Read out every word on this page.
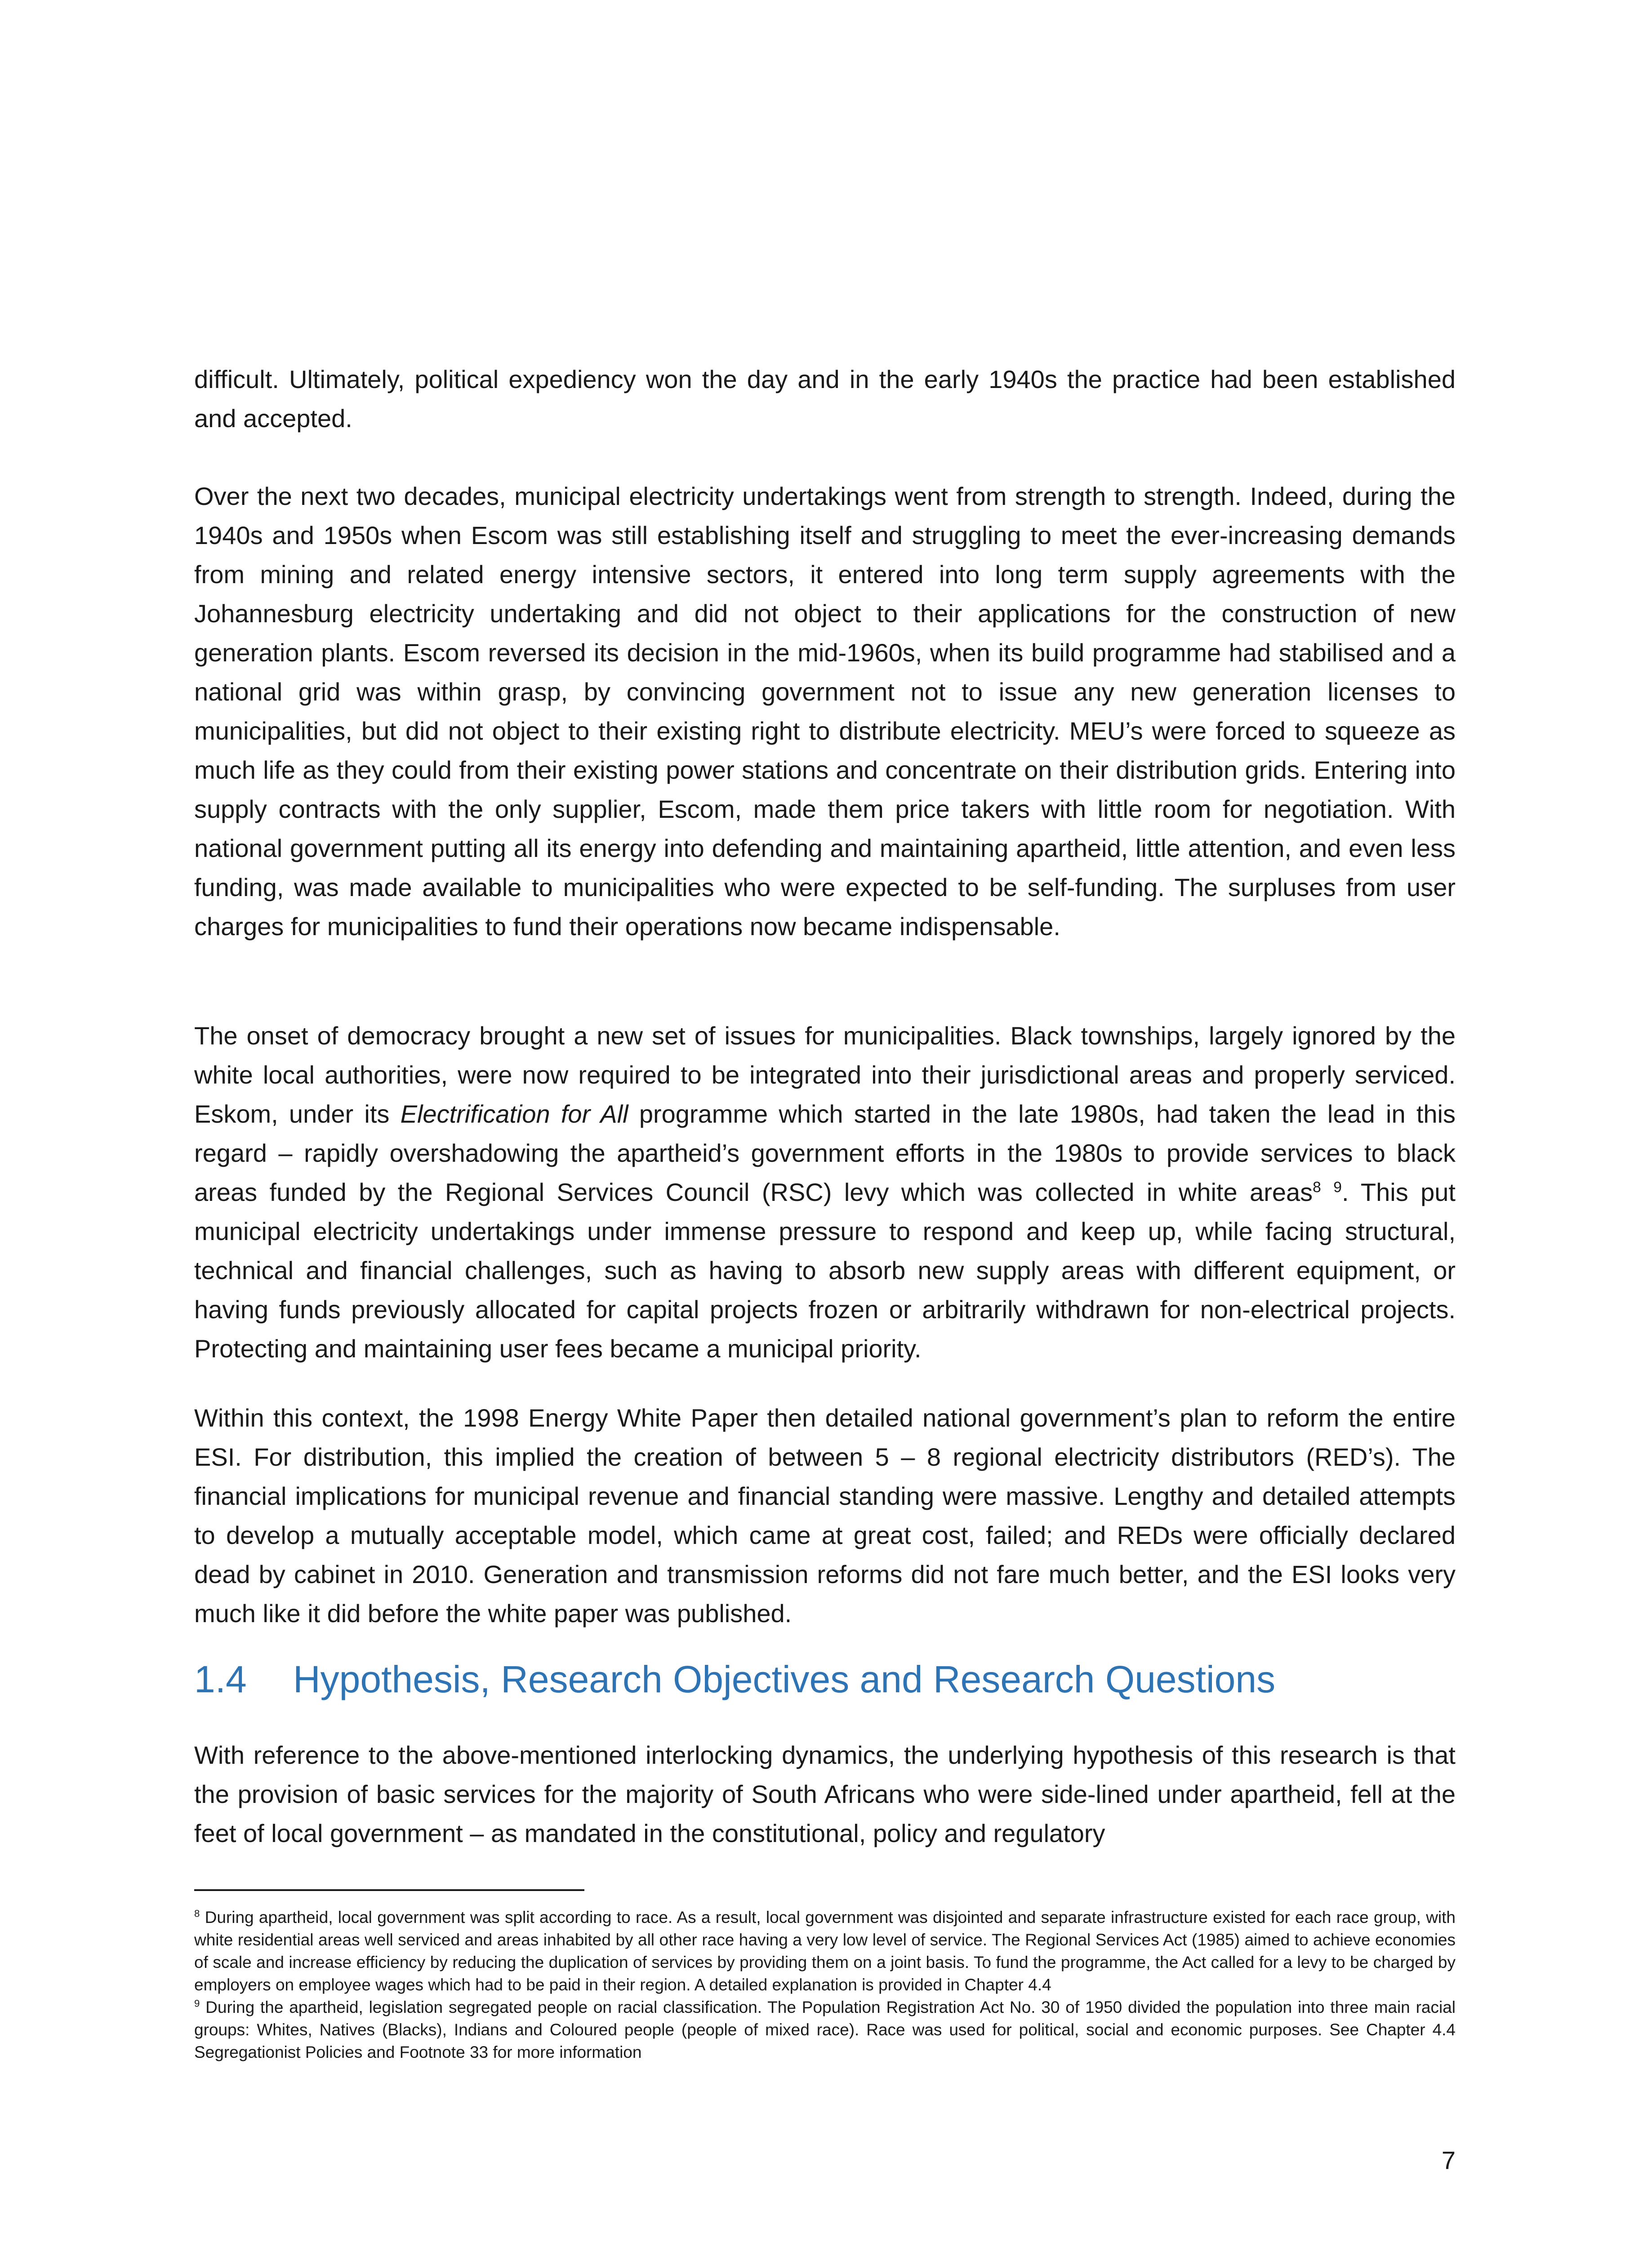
difficult. Ultimately, political expediency won the day and in the early 1940s the practice had been established and accepted.

Over the next two decades, municipal electricity undertakings went from strength to strength. Indeed, during the 1940s and 1950s when Escom was still establishing itself and struggling to meet the ever-increasing demands from mining and related energy intensive sectors, it entered into long term supply agreements with the Johannesburg electricity undertaking and did not object to their applications for the construction of new generation plants. Escom reversed its decision in the mid-1960s, when its build programme had stabilised and a national grid was within grasp, by convincing government not to issue any new generation licenses to municipalities, but did not object to their existing right to distribute electricity. MEU’s were forced to squeeze as much life as they could from their existing power stations and concentrate on their distribution grids. Entering into supply contracts with the only supplier, Escom, made them price takers with little room for negotiation. With national government putting all its energy into defending and maintaining apartheid, little attention, and even less funding, was made available to municipalities who were expected to be self-funding. The surpluses from user charges for municipalities to fund their operations now became indispensable.

The onset of democracy brought a new set of issues for municipalities. Black townships, largely ignored by the white local authorities, were now required to be integrated into their jurisdictional areas and properly serviced. Eskom, under its Electrification for All programme which started in the late 1980s, had taken the lead in this regard – rapidly overshadowing the apartheid’s government efforts in the 1980s to provide services to black areas funded by the Regional Services Council (RSC) levy which was collected in white areas$^8$ $^9$. This put municipal electricity undertakings under immense pressure to respond and keep up, while facing structural, technical and financial challenges, such as having to absorb new supply areas with different equipment, or having funds previously allocated for capital projects frozen or arbitrarily withdrawn for non-electrical projects. Protecting and maintaining user fees became a municipal priority.

Within this context, the 1998 Energy White Paper then detailed national government’s plan to reform the entire ESI. For distribution, this implied the creation of between 5 – 8 regional electricity distributors (RED’s). The financial implications for municipal revenue and financial standing were massive. Lengthy and detailed attempts to develop a mutually acceptable model, which came at great cost, failed; and REDs were officially declared dead by cabinet in 2010. Generation and transmission reforms did not fare much better, and the ESI looks very much like it did before the white paper was published.

1.4 Hypothesis, Research Objectives and Research Questions

With reference to the above-mentioned interlocking dynamics, the underlying hypothesis of this research is that the provision of basic services for the majority of South Africans who were side-lined under apartheid, fell at the feet of local government – as mandated in the constitutional, policy and regulatory

$^8$ During apartheid, local government was split according to race. As a result, local government was disjointed and separate infrastructure existed for each race group, with white residential areas well serviced and areas inhabited by all other race having a very low level of service. The Regional Services Act (1985) aimed to achieve economies of scale and increase efficiency by reducing the duplication of services by providing them on a joint basis. To fund the programme, the Act called for a levy to be charged by employers on employee wages which had to be paid in their region. A detailed explanation is provided in Chapter 4.4

$^9$ During the apartheid, legislation segregated people on racial classification. The Population Registration Act No. 30 of 1950 divided the population into three main racial groups: Whites, Natives (Blacks), Indians and Coloured people (people of mixed race). Race was used for political, social and economic purposes. See Chapter 4.4 Segregationist Policies and Footnote 33 for more information

7
